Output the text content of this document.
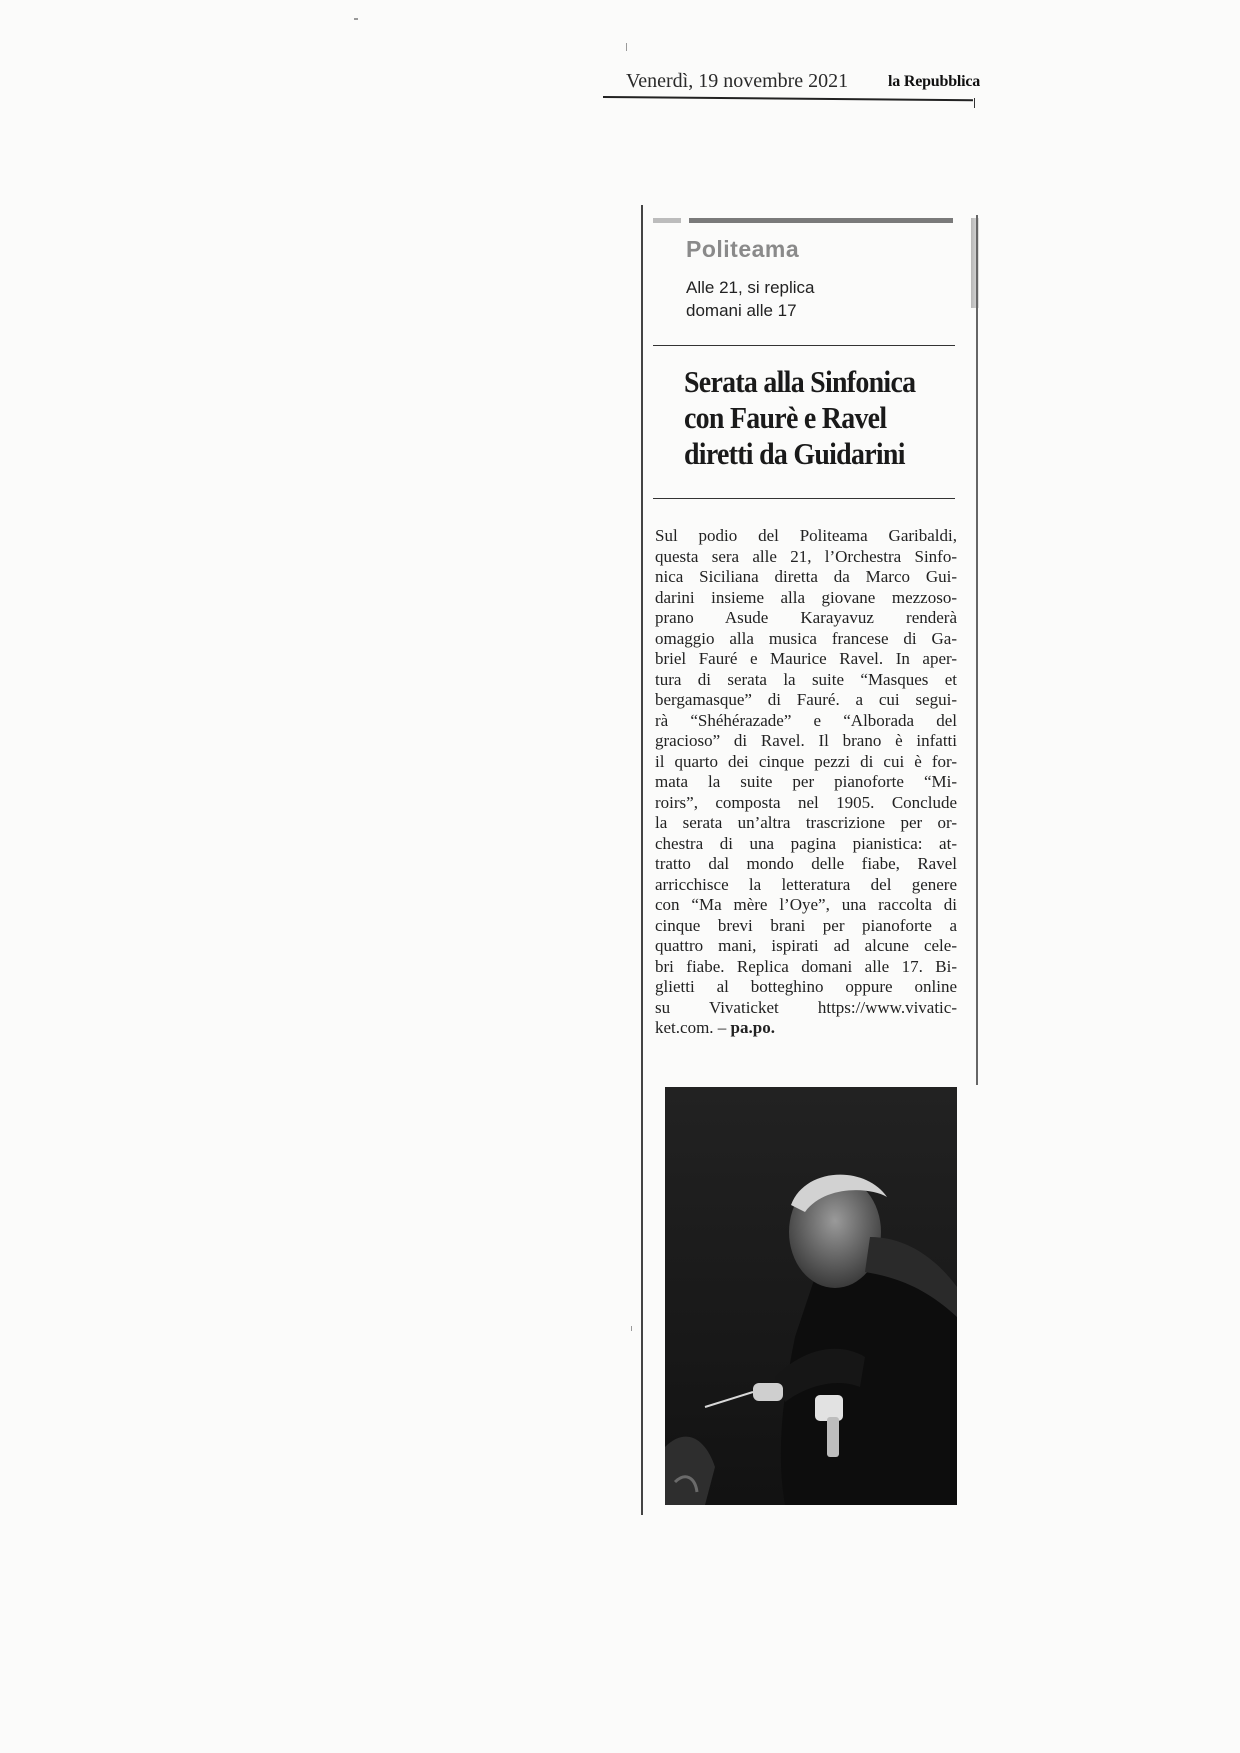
Venerdì, 19 novembre 2021 la Repubblica
Politeama
Alle 21, si replica
domani alle 17
Serata alla Sinfonica
con Faurè e Ravel
diretti da Guidarini
Sul podio del Politeama Garibaldi,
questa sera alle 21, l’Orchestra Sinfo-
nica Siciliana diretta da Marco Gui-
darini insieme alla giovane mezzoso-
prano Asude Karayavuz renderà
omaggio alla musica francese di Ga-
briel Fauré e Maurice Ravel. In aper-
tura di serata la suite “Masques et
bergamasque” di Fauré. a cui segui-
rà “Shéhérazade” e “Alborada del
gracioso” di Ravel. Il brano è infatti
il quarto dei cinque pezzi di cui è for-
mata la suite per pianoforte “Mi-
roirs”, composta nel 1905. Conclude
la serata un’altra trascrizione per or-
chestra di una pagina pianistica: at-
tratto dal mondo delle fiabe, Ravel
arricchisce la letteratura del genere
con “Ma mère l’Oye”, una raccolta di
cinque brevi brani per pianoforte a
quattro mani, ispirati ad alcune cele-
bri fiabe. Replica domani alle 17. Bi-
glietti al botteghino oppure online
su Vivaticket https://www.vivatic-
ket.com. – pa.po.
